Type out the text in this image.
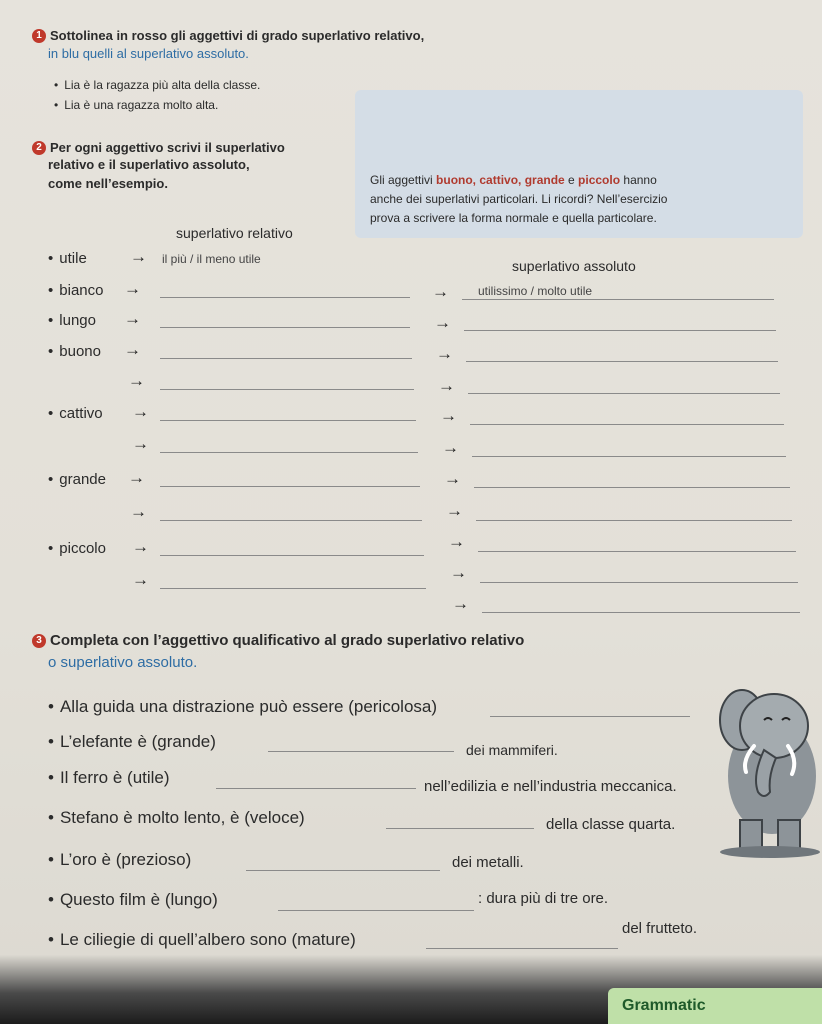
1 Sottolinea in rosso gli aggettivi di grado superlativo relativo,
in blu quelli al superlativo assoluto.
• Lia è la ragazza più alta della classe.
• Lia è una ragazza molto alta.
•
•
2 Per ogni aggettivo scrivi il superlativo
relativo e il superlativo assoluto,
come nell’esempio.	Gli aggettivi buono, cattivo, grande e piccolo hanno
anche dei superlativi particolari. Li ricordi? Nell’esercizio
prova a scrivere la forma normale e quella particolare.
superlativo relativo
superlativo assoluto
• utile	→ il più / il meno utile
• bianco →	→ utilissimo / molto utile
• lungo →	→
• buono →	→
→	→
• cattivo →	→
→	→
• grande →	→
→	→
• piccolo →	→
→	→
→
3 Completa con l’aggettivo qualificativo al grado superlativo relativo
o superlativo assoluto.
• Alla guida una distrazione può essere (pericolosa)
• L’elefante è (grande)	dei mammiferi.
• Il ferro è (utile)	nell’edilizia e nell’industria meccanica.
• Stefano è molto lento, è (veloce)	della classe quarta.
• L’oro è (prezioso)	dei metalli.
• Questo film è (lungo)	: dura più di tre ore.
• Le ciliegie di quell’albero sono (mature)
del frutteto.
Grammatic
